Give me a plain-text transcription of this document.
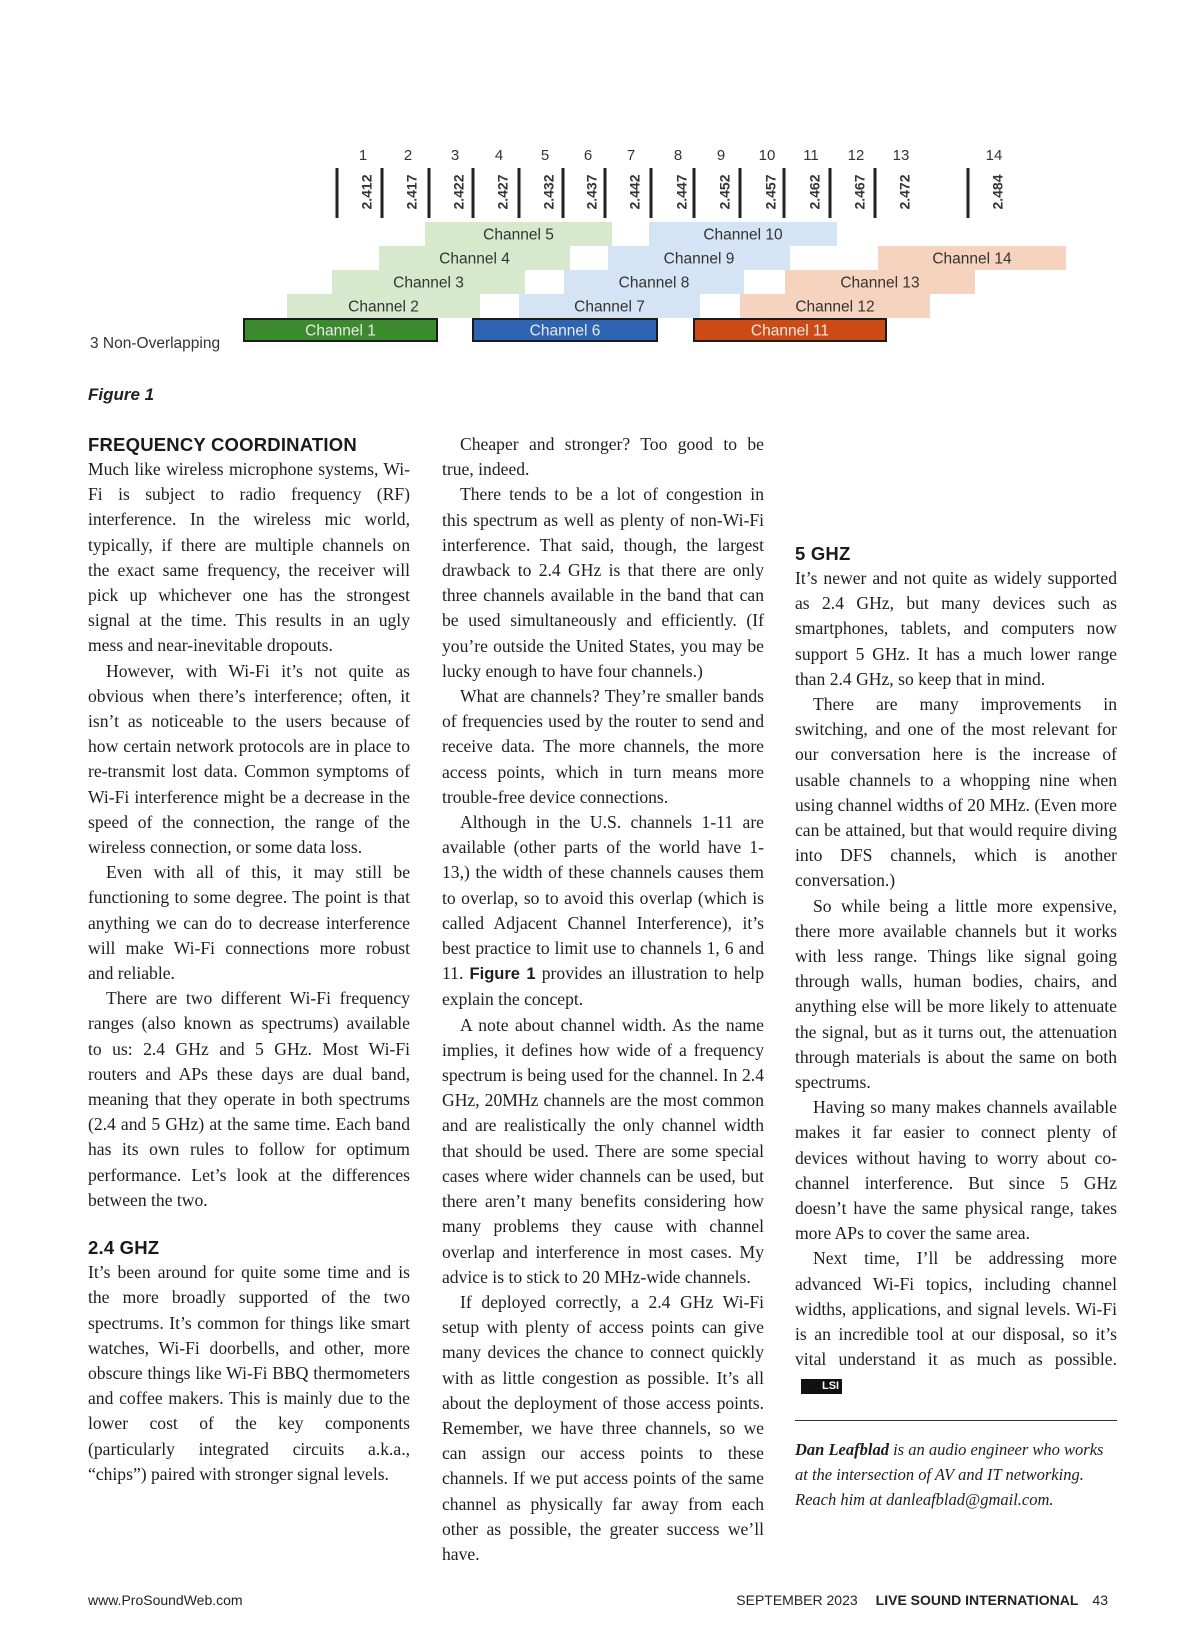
1 2	3 4	5 6 7	8 9 10 11 12 13	14
2.412 2.417 2.422 2.427 2.432 2.437 2.442 2.447 2.452 2.457 2.462 2.467 2.472	2.484
Channel 5
Channel 4
Channel 3
Channel 2
Channel 10
Channel 9
Channel 8
Channel 7
Channel 14
Channel 13
Channel 12
Channel 11
Channel 1	Channel 6
3 Non-Overlapping
Figure 1
FREQUENCY COORDINATION

Much like wireless microphone systems, Wi-Fi is subject to radio frequency (RF) interference. In the wireless mic world, typically, if there are multiple channels on the exact same frequency, the receiver will pick up whichever one has the strongest signal at the time. This results in an ugly mess and near-inevitable dropouts.

However, with Wi-Fi it’s not quite as obvious when there’s interference; often, it isn’t as noticeable to the users because of how certain network protocols are in place to re-transmit lost data. Common symptoms of Wi-Fi interference might be a decrease in the speed of the connection, the range of the wireless connection, or some data loss.

Even with all of this, it may still be functioning to some degree. The point is that anything we can do to decrease interference will make Wi-Fi connections more robust and reliable.

There are two different Wi-Fi frequency ranges (also known as spectrums) available to us: 2.4 GHz and 5 GHz. Most Wi-Fi routers and APs these days are dual band, meaning that they operate in both spectrums (2.4 and 5 GHz) at the same time. Each band has its own rules to follow for optimum performance. Let’s look at the differences between the two.

2.4 GHZ

It’s been around for quite some time and is the more broadly supported of the two spectrums. It’s common for things like smart watches, Wi-Fi doorbells, and other, more obscure things like Wi-Fi BBQ thermometers and coffee makers. This is mainly due to the lower cost of the key components (particularly integrated circuits a.k.a., “chips”) paired with stronger signal levels.

Cheaper and stronger? Too good to be true, indeed.

There tends to be a lot of congestion in this spectrum as well as plenty of non-Wi-Fi interference. That said, though, the largest drawback to 2.4 GHz is that there are only three channels available in the band that can be used simultaneously and efficiently. (If you’re outside the United States, you may be lucky enough to have four channels.)

What are channels? They’re smaller bands of frequencies used by the router to send and receive data. The more channels, the more access points, which in turn means more trouble-free device connections.

Although in the U.S. channels 1-11 are available (other parts of the world have 1-13,) the width of these channels causes them to overlap, so to avoid this overlap (which is called Adjacent Channel Interference), it’s best practice to limit use to channels 1, 6 and 11. Figure 1 provides an illustration to help explain the concept.

A note about channel width. As the name implies, it defines how wide of a frequency spectrum is being used for the channel. In 2.4 GHz, 20MHz channels are the most common and are realistically the only channel width that should be used. There are some special cases where wider channels can be used, but there aren’t many benefits considering how many problems they cause with channel overlap and interference in most cases. My advice is to stick to 20 MHz-wide channels.

If deployed correctly, a 2.4 GHz Wi-Fi setup with plenty of access points can give many devices the chance to connect quickly with as little congestion as possible. It’s all about the deployment of those access points. Remember, we have three channels, so we can assign our access points to these channels. If we put access points of the same channel as physically far away from each other as possible, the greater success we’ll have.

5 GHZ

It’s newer and not quite as widely supported as 2.4 GHz, but many devices such as smartphones, tablets, and computers now support 5 GHz. It has a much lower range than 2.4 GHz, so keep that in mind.

There are many improvements in switching, and one of the most relevant for our conversation here is the increase of usable channels to a whopping nine when using channel widths of 20 MHz. (Even more can be attained, but that would require diving into DFS channels, which is another conversation.)

So while being a little more expensive, there more available channels but it works with less range. Things like signal going through walls, human bodies, chairs, and anything else will be more likely to attenuate the signal, but as it turns out, the attenuation through materials is about the same on both spectrums.

Having so many makes channels available makes it far easier to connect plenty of devices without having to worry about co-channel interference. But since 5 GHz doesn’t have the same physical range, takes more APs to cover the same area.

Next time, I’ll be addressing more advanced Wi-Fi topics, including channel widths, applications, and signal levels. Wi-Fi is an incredible tool at our disposal, so it’s vital understand it as much as possible.LSI

Dan Leafblad is an audio engineer who works at the intersection of AV and IT networking. Reach him at danleafblad@gmail.com.
www.ProSoundWeb.com	SEPTEMBER 2023 LIVE SOUND INTERNATIONAL 43
